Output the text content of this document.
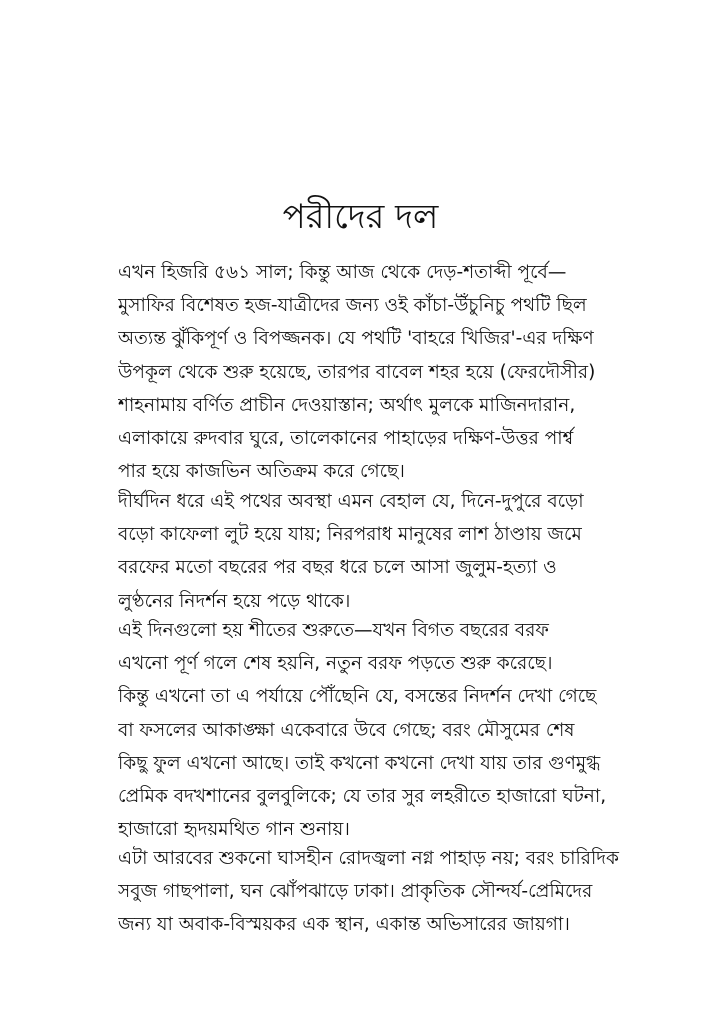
পরীদের দল
এখন হিজরি ৫৬১ সাল; কিন্তু আজ থেকে দেড়-শতাব্দী পূর্বে—
মুসাফির বিশেষত হজ-যাত্রীদের জন্য ওই কাঁচা-উঁচুনিচু পথটি ছিল
অত্যন্ত ঝুঁকিপূর্ণ ও বিপজ্জনক। যে পথটি 'বাহরে খিজির'-এর দক্ষিণ
উপকূল থেকে শুরু হয়েছে, তারপর বাবেল শহর হয়ে (ফেরদৌসীর)
শাহনামায় বর্ণিত প্রাচীন দেওয়াস্তান; অর্থাৎ মুলকে মাজিনদারান,
এলাকায়ে রুদবার ঘুরে, তালেকানের পাহাড়ের দক্ষিণ-উত্তর পার্শ্ব
পার হয়ে কাজভিন অতিক্রম করে গেছে।
দীর্ঘদিন ধরে এই পথের অবস্থা এমন বেহাল যে, দিনে-দুপুরে বড়ো
বড়ো কাফেলা লুট হয়ে যায়; নিরপরাধ মানুষের লাশ ঠাণ্ডায় জমে
বরফের মতো বছরের পর বছর ধরে চলে আসা জুলুম-হত্যা ও
লুণ্ঠনের নিদর্শন হয়ে পড়ে থাকে।
এই দিনগুলো হয় শীতের শুরুতে—যখন বিগত বছরের বরফ
এখনো পূর্ণ গলে শেষ হয়নি, নতুন বরফ পড়তে শুরু করেছে।
কিন্তু এখনো তা এ পর্যায়ে পৌঁছেনি যে, বসন্তের নিদর্শন দেখা গেছে
বা ফসলের আকাঙ্ক্ষা একেবারে উবে গেছে; বরং মৌসুমের শেষ
কিছু ফুল এখনো আছে। তাই কখনো কখনো দেখা যায় তার গুণমুগ্ধ
প্রেমিক বদখশানের বুলবুলিকে; যে তার সুর লহরীতে হাজারো ঘটনা,
হাজারো হৃদয়মথিত গান শুনায়।
এটা আরবের শুকনো ঘাসহীন রোদজ্বলা নগ্ন পাহাড় নয়; বরং চারিদিক
সবুজ গাছপালা, ঘন ঝোঁপঝাড়ে ঢাকা। প্রাকৃতিক সৌন্দর্য-প্রেমিদের
জন্য যা অবাক-বিস্ময়কর এক স্থান, একান্ত অভিসারের জায়গা।
